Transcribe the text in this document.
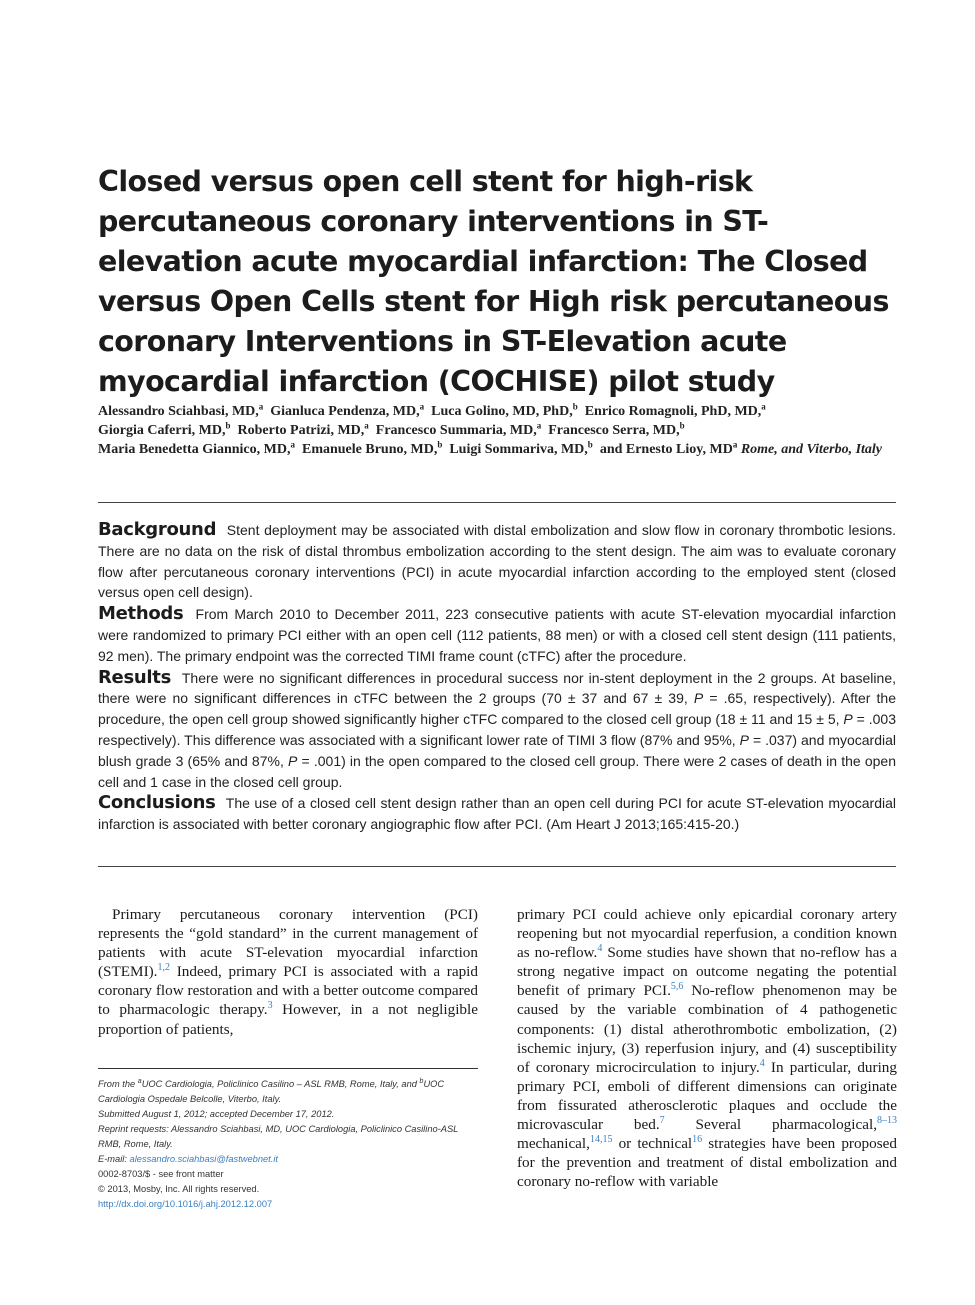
Closed versus open cell stent for high-risk percutaneous coronary interventions in ST-elevation acute myocardial infarction: The Closed versus Open Cells stent for High risk percutaneous coronary Interventions in ST-Elevation acute myocardial infarction (COCHISE) pilot study
Alessandro Sciahbasi, MD,$^a$ Gianluca Pendenza, MD,$^a$ Luca Golino, MD, PhD,$^b$ Enrico Romagnoli, PhD, MD,$^a$
Giorgia Caferri, MD,$^b$ Roberto Patrizi, MD,$^a$ Francesco Summaria, MD,$^a$ Francesco Serra, MD,$^b$
Maria Benedetta Giannico, MD,$^a$ Emanuele Bruno, MD,$^b$ Luigi Sommariva, MD,$^b$ and Ernesto Lioy, $MD^a$ Rome, and Viterbo, Italy

Background Stent deployment may be associated with distal embolization and slow flow in coronary thrombotic lesions. There are no data on the risk of distal thrombus embolization according to the stent design. The aim was to evaluate coronary flow after percutaneous coronary interventions (PCI) in acute myocardial infarction according to the employed stent (closed versus open cell design).

Methods From March 2010 to December 2011, 223 consecutive patients with acute ST-elevation myocardial infarction were randomized to primary PCI either with an open cell (112 patients, 88 men) or with a closed cell stent design (111 patients, 92 men). The primary endpoint was the corrected TIMI frame count (cTFC) after the procedure.

Results There were no significant differences in procedural success nor in-stent deployment in the 2 groups. At baseline, there were no significant differences in cTFC between the 2 groups (70 ± 37 and 67 ± 39, P = .65, respectively). After the procedure, the open cell group showed significantly higher cTFC compared to the closed cell group (18 ± 11 and 15 ± 5, P = .003 respectively). This difference was associated with a significant lower rate of TIMI 3 flow (87% and 95%, P = .037) and myocardial blush grade 3 (65% and 87%, P = .001) in the open compared to the closed cell group. There were 2 cases of death in the open cell and 1 case in the closed cell group.

Conclusions The use of a closed cell stent design rather than an open cell during PCI for acute ST-elevation myocardial infarction is associated with better coronary angiographic flow after PCI. (Am Heart J 2013;165:415-20.)

Primary percutaneous coronary intervention (PCI) represents the “gold standard” in the current management of patients with acute ST-elevation myocardial infarction (STEMI).$^{1,2}$ Indeed, primary PCI is associated with a rapid coronary flow restoration and with a better outcome compared to pharmacologic therapy.$^3$ However, in a not negligible proportion of patients,

From the $^a$UOC Cardiologia, Policlinico Casilino – ASL RMB, Rome, Italy, and $^b$UOC Cardiologia Ospedale Belcolle, Viterbo, Italy.
Submitted August 1, 2012; accepted December 17, 2012.
Reprint requests: Alessandro Sciahbasi, MD, UOC Cardiologia, Policlinico Casilino-ASL RMB, Rome, Italy.
E-mail: alessandro.sciahbasi@fastwebnet.it
0002-8703/$ - see front matter
© 2013, Mosby, Inc. All rights reserved.
http://dx.doi.org/10.1016/j.ahj.2012.12.007

primary PCI could achieve only epicardial coronary artery reopening but not myocardial reperfusion, a condition known as no-reflow.$^4$ Some studies have shown that no-reflow has a strong negative impact on outcome negating the potential benefit of primary PCI.$^{5,6}$ No-reflow phenomenon may be caused by the variable combination of 4 pathogenetic components: (1) distal atherothrombotic embolization, (2) ischemic injury, (3) reperfusion injury, and (4) susceptibility of coronary microcirculation to injury.$^4$ In particular, during primary PCI, emboli of different dimensions can originate from fissurated atherosclerotic plaques and occlude the microvascular bed.$^7$ Several pharmacological,$^{8-13}$ mechanical,$^{14,15}$ or technical$^{16}$ strategies have been proposed for the prevention and treatment of distal embolization and coronary no-reflow with variable
